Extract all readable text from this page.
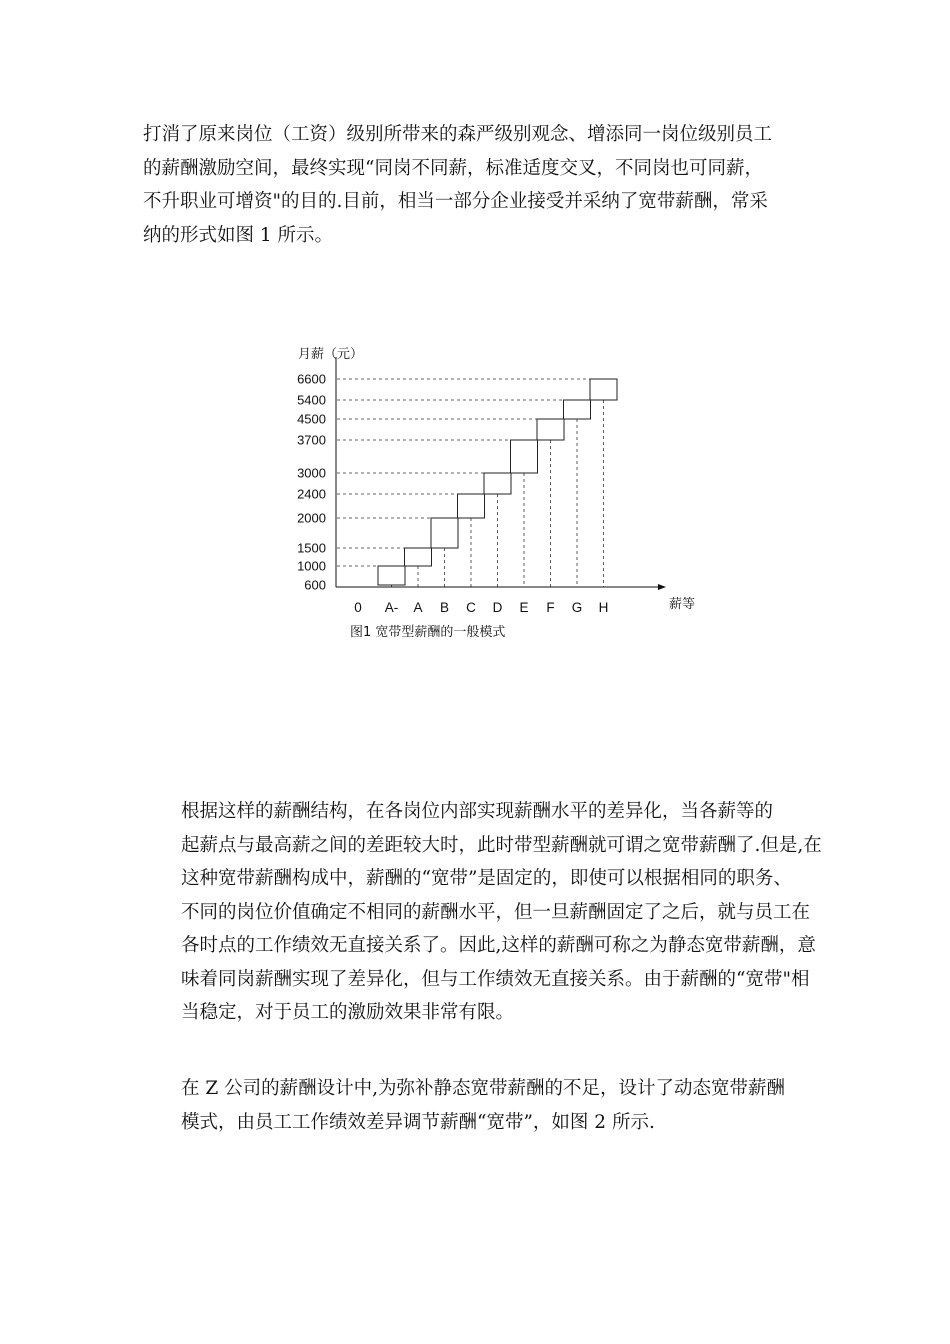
打消了原来岗位（工资）级别所带来的森严级别观念、增添同一岗位级别员工
的薪酬激励空间，最终实现“同岗不同薪，标准适度交叉，不同岗也可同薪，
不升职业可增资"的目的.目前，相当一部分企业接受并采纳了宽带薪酬，常采
纳的形式如图 1 所示。

600
1000
1500
2000
2400
3000
3700
4500
5400
6600
A- A B C D E F G H
月薪（元）
薪等
0
图1 宽带型薪酬的一般模式

根据这样的薪酬结构，在各岗位内部实现薪酬水平的差异化，当各薪等的
起薪点与最高薪之间的差距较大时，此时带型薪酬就可谓之宽带薪酬了.但是,在
这种宽带薪酬构成中，薪酬的“宽带”是固定的，即使可以根据相同的职务、
不同的岗位价值确定不相同的薪酬水平，但一旦薪酬固定了之后，就与员工在
各时点的工作绩效无直接关系了。因此,这样的薪酬可称之为静态宽带薪酬，意
味着同岗薪酬实现了差异化，但与工作绩效无直接关系。由于薪酬的“宽带"相
当稳定，对于员工的激励效果非常有限。

在 Z 公司的薪酬设计中,为弥补静态宽带薪酬的不足，设计了动态宽带薪酬
模式，由员工工作绩效差异调节薪酬“宽带”，如图 2 所示.
